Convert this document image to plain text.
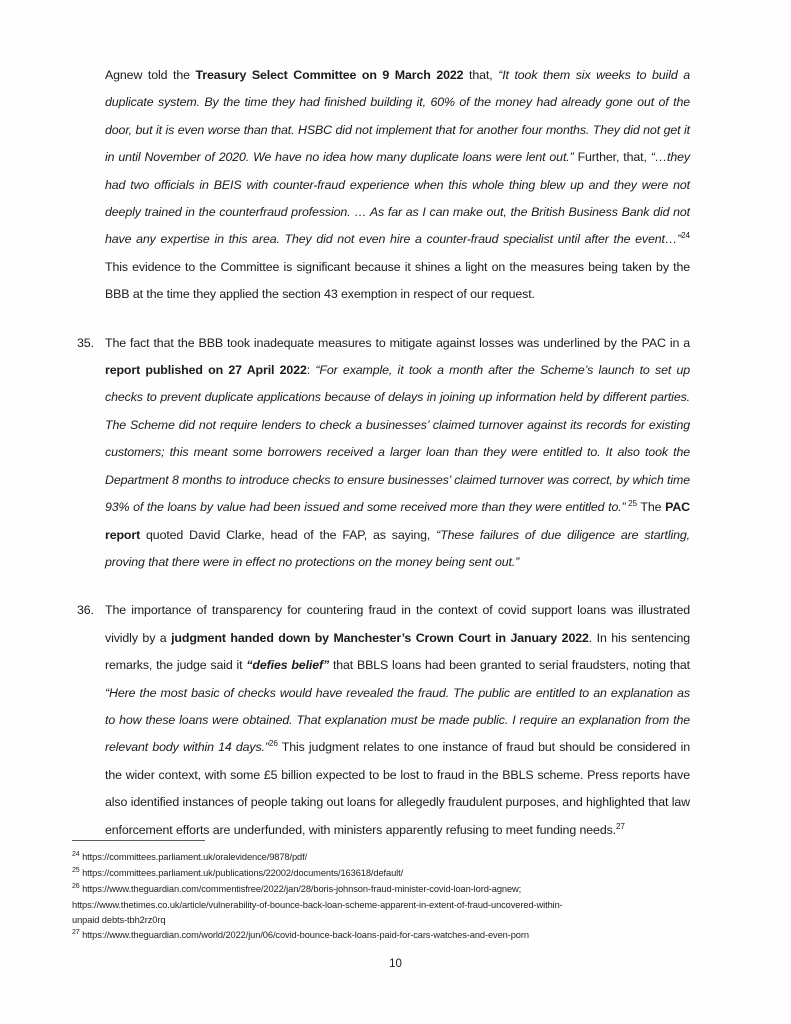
Agnew told the Treasury Select Committee on 9 March 2022 that, “It took them six weeks to build a duplicate system. By the time they had finished building it, 60% of the money had already gone out of the door, but it is even worse than that. HSBC did not implement that for another four months. They did not get it in until November of 2020. We have no idea how many duplicate loans were lent out.” Further, that, “…they had two officials in BEIS with counter-fraud experience when this whole thing blew up and they were not deeply trained in the counterfraud profession. … As far as I can make out, the British Business Bank did not have any expertise in this area. They did not even hire a counter-fraud specialist until after the event…”$^{24}$ This evidence to the Committee is significant because it shines a light on the measures being taken by the BBB at the time they applied the section 43 exemption in respect of our request.
35. The fact that the BBB took inadequate measures to mitigate against losses was underlined by the PAC in a report published on 27 April 2022: “For example, it took a month after the Scheme’s launch to set up checks to prevent duplicate applications because of delays in joining up information held by different parties. The Scheme did not require lenders to check a businesses’ claimed turnover against its records for existing customers; this meant some borrowers received a larger loan than they were entitled to. It also took the Department 8 months to introduce checks to ensure businesses’ claimed turnover was correct, by which time 93% of the loans by value had been issued and some received more than they were entitled to.” $^{25}$ The PAC report quoted David Clarke, head of the FAP, as saying, “These failures of due diligence are startling, proving that there were in effect no protections on the money being sent out.”
36. The importance of transparency for countering fraud in the context of covid support loans was illustrated vividly by a judgment handed down by Manchester’s Crown Court in January 2022. In his sentencing remarks, the judge said it “defies belief” that BBLS loans had been granted to serial fraudsters, noting that “Here the most basic of checks would have revealed the fraud. The public are entitled to an explanation as to how these loans were obtained. That explanation must be made public. I require an explanation from the relevant body within 14 days.”$^{26}$ This judgment relates to one instance of fraud but should be considered in the wider context, with some £5 billion expected to be lost to fraud in the BBLS scheme. Press reports have also identified instances of people taking out loans for allegedly fraudulent purposes, and highlighted that law enforcement efforts are underfunded, with ministers apparently refusing to meet funding needs.$^{27}$
$^{24}$ https://committees.parliament.uk/oralevidence/9878/pdf/
$^{25}$ https://committees.parliament.uk/publications/22002/documents/163618/default/
$^{26}$ https://www.theguardian.com/commentisfree/2022/jan/28/boris-johnson-fraud-minister-covid-loan-lord-agnew;
https://www.thetimes.co.uk/article/vulnerability-of-bounce-back-loan-scheme-apparent-in-extent-of-fraud-uncovered-within-
unpaid debts-tbh2rz0rq
$^{27}$ https://www.theguardian.com/world/2022/jun/06/covid-bounce-back-loans-paid-for-cars-watches-and-even-porn
10
